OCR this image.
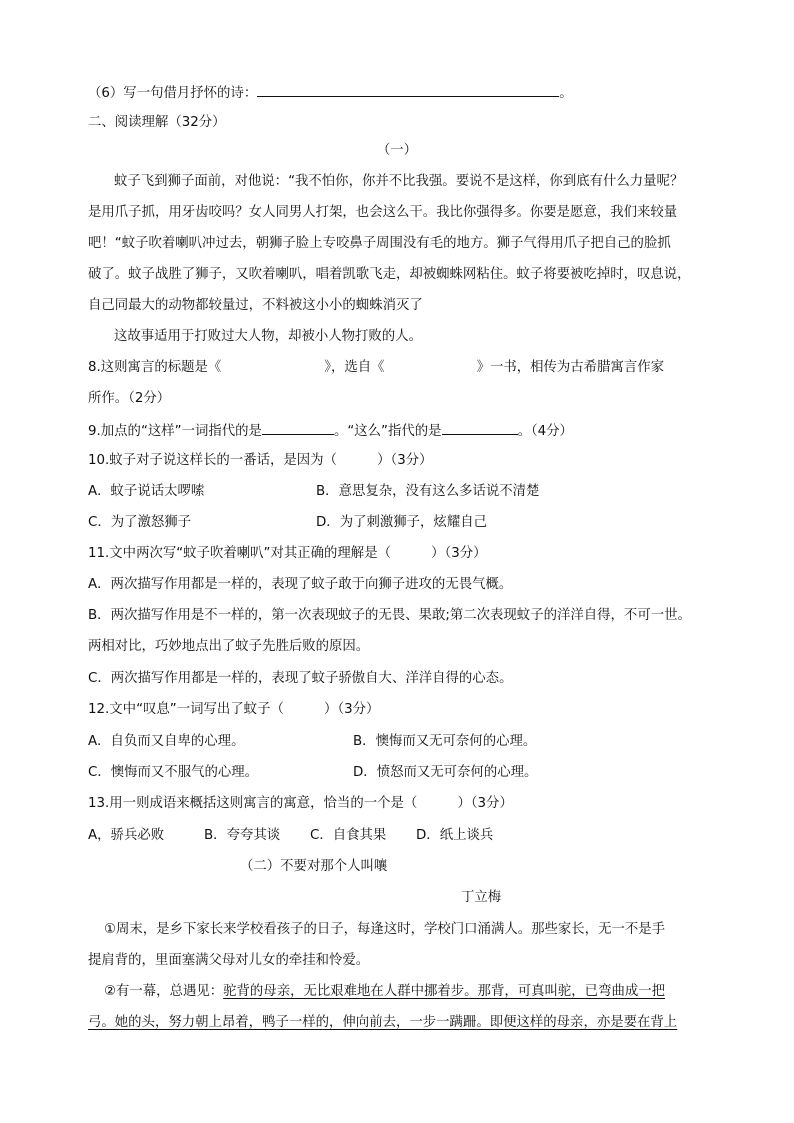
（6）写一句借月抒怀的诗：	。
二、阅读理解（32分）
（一）
蚊子飞到狮子面前，对他说：“我不怕你，你并不比我强。要说不是这样，你到底有什么力量呢？
是用爪子抓，用牙齿咬吗？女人同男人打架，也会这么干。我比你强得多。你要是愿意，我们来较量
吧！“蚊子吹着喇叭冲过去，朝狮子脸上专咬鼻子周围没有毛的地方。狮子气得用爪子把自己的脸抓
破了。蚊子战胜了狮子，又吹着喇叭，唱着凯歌飞走，却被蜘蛛网粘住。蚊子将要被吃掉时，叹息说，
自己同最大的动物都较量过，不料被这小小的蜘蛛消灭了
这故事适用于打败过大人物，却被小人物打败的人。
8.这则寓言的标题是《	》，选自《	》一书，相传为古希腊寓言作家
所作。（2分）
9.加点的“这样”一词指代的是	。“这么”指代的是	。（4分）
10.蚊子对子说这样长的一番话，是因为（　　　）（3分）
A．蚊子说话太啰嗦	B．意思复杂，没有这么多话说不清楚
C．为了激怒狮子	D．为了刺激狮子，炫耀自己
11.文中两次写“蚊子吹着喇叭”对其正确的理解是（　　　）（3分）
A．两次描写作用都是一样的，表现了蚊子敢于向狮子进攻的无畏气概。
B．两次描写作用是不一样的，第一次表现蚊子的无畏、果敢;第二次表现蚊子的洋洋自得，不可一世。
两相对比，巧妙地点出了蚊子先胜后败的原因。
C．两次描写作用都是一样的，表现了蚊子骄傲自大、洋洋自得的心态。
12.文中“叹息”一词写出了蚊子（　　　）（3分）
A．自负而又自卑的心理。	B．懊悔而又无可奈何的心理。
C．懊悔而又不服气的心理。	D．愤怒而又无可奈何的心理。
13.用一则成语来概括这则寓言的寓意，恰当的一个是（　　　）（3分）
A，骄兵必败	B．夸夸其谈 C．自食其果 D．纸上谈兵
（二）不要对那个人叫嚷
丁立梅
①周末，是乡下家长来学校看孩子的日子，每逢这时，学校门口涌满人。那些家长，无一不是手
提肩背的，里面塞满父母对儿女的牵挂和怜爱。
②有一幕，总遇见：驼背的母亲，无比艰难地在人群中挪着步。那背，可真叫驼，已弯曲成一把
弓。她的头，努力朝上昂着，鸭子一样的，伸向前去，一步一蹒跚。即便这样的母亲，亦是要在背上
